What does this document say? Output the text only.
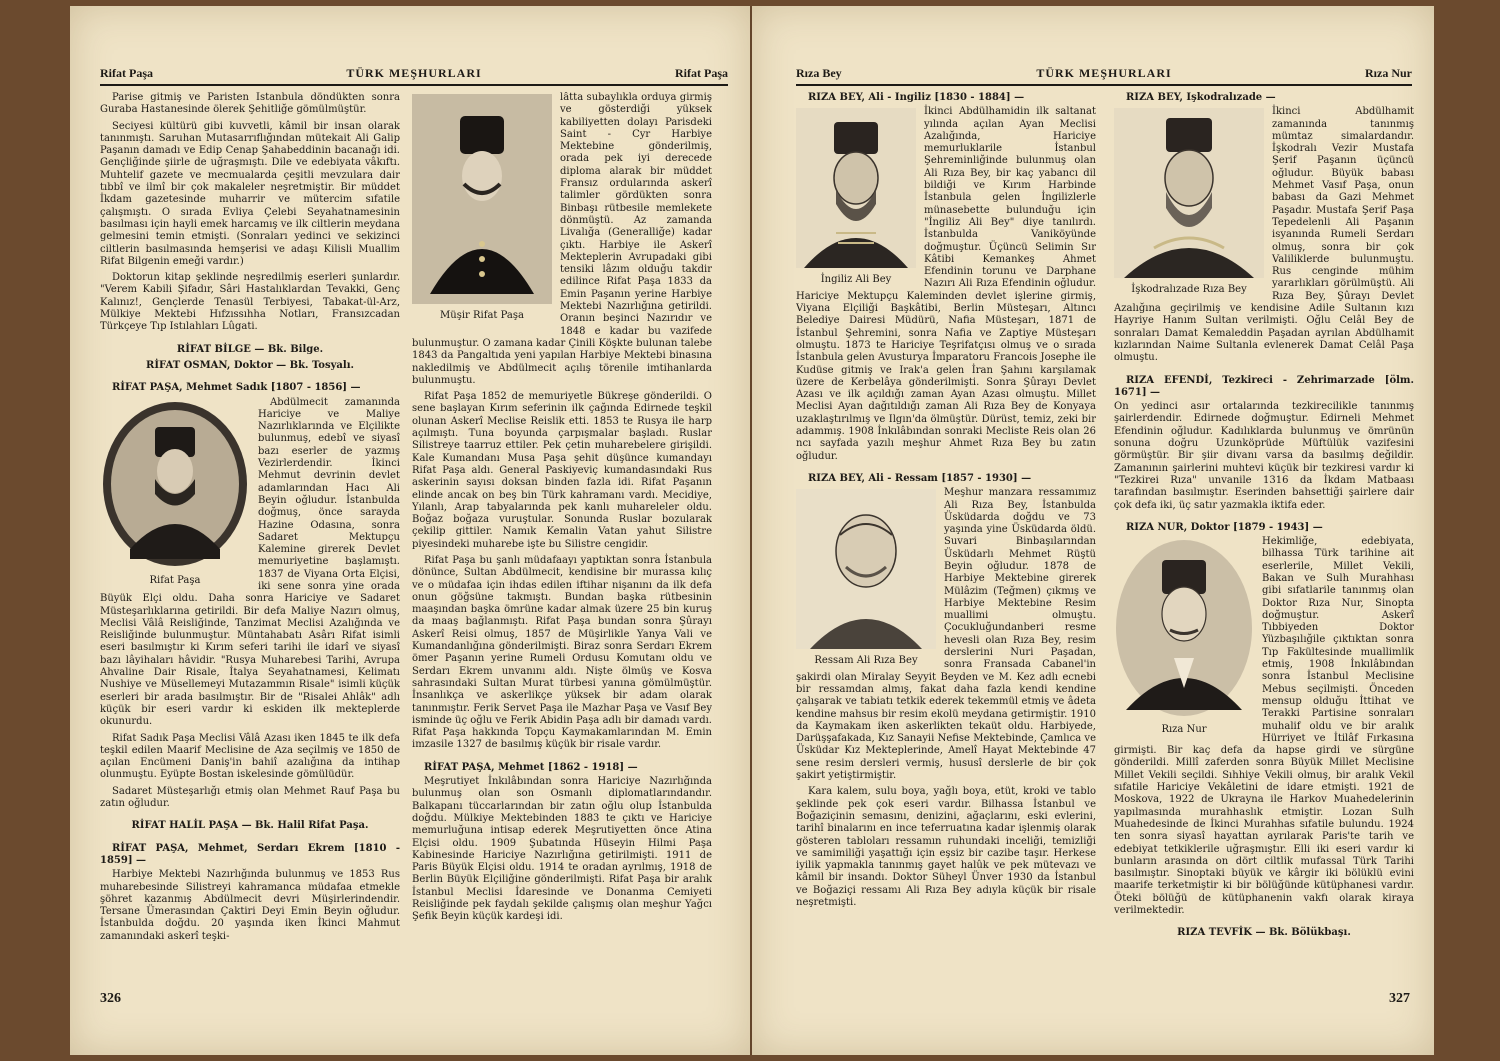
Rifat Paşa	TÜRK MEŞHURLARI	Rifat Paşa

Parise gitmiş ve Paristen İstanbula döndükten sonra Guraba Hastanesinde ölerek Şehitliğe gömülmüştür.

Seciyesi kültürü gibi kuvvetli, kâmil bir insan olarak tanınmıştı. Saruhan Mutasarrıflığından mütekait Ali Galip Paşanın damadı ve Edip Cenap Şahabeddinin bacanağı idi. Gençliğinde şiirle de uğraşmıştı. Dile ve edebiyata vâkıftı. Muhtelif gazete ve mecmualarda çeşitli mevzulara dair tıbbî ve ilmî bir çok makaleler neşretmiştir. Bir müddet İkdam gazetesinde muharrir ve mütercim sıfatile çalışmıştı. O sırada Evliya Çelebi Seyahatnamesinin basılması için hayli emek harcamış ve ilk ciltlerin meydana gelmesini temin etmişti. (Sonraları yedinci ve sekizinci ciltlerin basılmasında hemşerisi ve adaşı Kilisli Muallim Rifat Bilgenin emeği vardır.)

Doktorun kitap şeklinde neşredilmiş eserleri şunlardır. "Verem Kabili Şifadır, Sâri Hastalıklardan Tevakki, Genç Kalınız!, Gençlerde Tenasül Terbiyesi, Tabakat-ül-Arz, Mülkiye Mektebi Hıfzıssıhha Notları, Fransızcadan Türkçeye Tıp Istılahları Lûgati.

RİFAT BİLGE — Bk. Bilge.
RİFAT OSMAN, Doktor — Bk. Tosyalı.
RİFAT PAŞA, Mehmet Sadık [1807 - 1856] —
Rifat Paşa

Abdülmecit zamanında Hariciye ve Maliye Nazırlıklarında ve Elçilikte bulunmuş, edebî ve siyasî bazı eserler de yazmış Vezirlerdendir. İkinci Mehmut devrinin devlet adamlarından Hacı Ali Beyin oğludur. İstanbulda doğmuş, önce sarayda Hazine Odasına, sonra Sadaret Mektupçu Kalemine girerek Devlet memuriyetine başlamıştı. 1837 de Viyana Orta Elçisi, iki sene sonra yine orada Büyük Elçi oldu. Daha sonra Hariciye ve Sadaret Müsteşarlıklarına getirildi. Bir defa Maliye Nazırı olmuş, Meclisi Vâlâ Reisliğinde, Tanzimat Meclisi Azalığında ve Reisliğinde bulunmuştur. Müntahabatı Asârı Rifat isimli eseri basılmıştır ki Kırım seferi tarihi ile idarî ve siyasî bazı lâyihaları hâvidir. "Rusya Muharebesi Tarihi, Avrupa Ahvaline Dair Risale, İtalya Seyahatnamesi, Kelimatı Nushiye ve Müsellemeyi Mutazammın Risale" isimli küçük eserleri bir arada basılmıştır. Bir de "Risalei Ahlâk" adlı küçük bir eseri vardır ki eskiden ilk mekteplerde okunurdu.

Rifat Sadık Paşa Meclisi Vâlâ Azası iken 1845 te ilk defa teşkil edilen Maarif Meclisine de Aza seçilmiş ve 1850 de açılan Encümeni Daniş'in bahiî azalığına da intihap olunmuştu. Eyüpte Bostan iskelesinde gömülüdür.

Sadaret Müsteşarlığı etmiş olan Mehmet Rauf Paşa bu zatın oğludur.

RİFAT HALİL PAŞA — Bk. Halil Rifat Paşa.
RİFAT PAŞA, Mehmet, Serdarı Ekrem [1810 - 1859] —

Harbiye Mektebi Nazırlığında bulunmuş ve 1853 Rus muharebesinde Silistreyi kahramanca müdafaa etmekle şöhret kazanmış Abdülmecit devri Müşirlerindendir. Tersane Ümerasından Çaktiri Deyi Emin Beyin oğludur. İstanbulda doğdu. 20 yaşında iken İkinci Mahmut zamanındaki askerî teşki-

Müşir Rifat Paşa

lâtta subaylıkla orduya girmiş ve gösterdiği yüksek kabiliyetten dolayı Parisdeki Saint - Cyr Harbiye Mektebine gönderilmiş, orada pek iyi derecede diploma alarak bir müddet Fransız ordularında askerî talimler gördükten sonra Binbaşı rütbesile memlekete dönmüştü. Az zamanda Livalığa (Generalliğe) kadar çıktı. Harbiye ile Askerî Mekteplerin Avrupadaki gibi tensiki lâzım olduğu takdir edilince Rifat Paşa 1833 da Emin Paşanın yerine Harbiye Mektebi Nazırlığına getirildi. Oranın beşinci Nazırıdır ve 1848 e kadar bu vazifede bulunmuştur. O zamana kadar Çinili Köşkte bulunan talebe 1843 da Pangaltıda yeni yapılan Harbiye Mektebi binasına nakledilmiş ve Abdülmecit açılış törenile imtihanlarda bulunmuştu.

Rifat Paşa 1852 de memuriyetle Bükreşe gönderildi. O sene başlayan Kırım seferinin ilk çağında Edirnede teşkil olunan Askerî Meclise Reislik etti. 1853 te Rusya ile harp açılmıştı. Tuna boyunda çarpışmalar başladı. Ruslar Silistreye taarruz ettiler. Pek çetin muharebelere girişildi. Kale Kumandanı Musa Paşa şehit düşünce kumandayı Rifat Paşa aldı. General Paskiyeviç kumandasındaki Rus askerinin sayısı doksan binden fazla idi. Rifat Paşanın elinde ancak on beş bin Türk kahramanı vardı. Mecidiye, Yılanlı, Arap tabyalarında pek kanlı muhareleler oldu. Boğaz boğaza vuruştular. Sonunda Ruslar bozularak çekilip gittiler. Namık Kemalin Vatan yahut Silistre piyesindeki muharebe işte bu Silistre cengidir.

Rifat Paşa bu şanlı müdafaayı yaptıktan sonra İstanbula dönünce, Sultan Abdülmecit, kendisine bir murassa kılıç ve o müdafaa için ihdas edilen iftihar nişanını da ilk defa onun göğsüne takmıştı. Bundan başka rütbesinin maaşından başka ömrüne kadar almak üzere 25 bin kuruş da maaş bağlanmıştı. Rifat Paşa bundan sonra Şûrayı Askerî Reisi olmuş, 1857 de Müşirlikle Yanya Vali ve Kumandanlığına gönderilmişti. Biraz sonra Serdarı Ekrem ömer Paşanın yerine Rumeli Ordusu Komutanı oldu ve Serdarı Ekrem unvanını aldı. Nişte ölmüş ve Kosva sahrasındaki Sultan Murat türbesi yanına gömülmüştür. İnsanlıkça ve askerlikçe yüksek bir adam olarak tanınmıştır. Ferik Servet Paşa ile Mazhar Paşa ve Vasıf Bey isminde üç oğlu ve Ferik Abidin Paşa adlı bir damadı vardı. Rifat Paşa hakkında Topçu Kaymakamlarından M. Emin imzasile 1327 de basılmış küçük bir risale vardır.

RİFAT PAŞA, Mehmet [1862 - 1918] —

Meşrutiyet İnkılâbından sonra Hariciye Nazırlığında bulunmuş olan son Osmanlı diplomatlarındandır. Balkapanı tüccarlarından bir zatın oğlu olup İstanbulda doğdu. Mülkiye Mektebinden 1883 te çıktı ve Hariciye memurluğuna intisap ederek Meşrutiyetten önce Atina Elçisi oldu. 1909 Şubatında Hüseyin Hilmi Paşa Kabinesinde Hariciye Nazırlığına getirilmişti. 1911 de Paris Büyük Elçisi oldu. 1914 te oradan ayrılmış, 1918 de Berlin Büyük Elçiliğine gönderilmişti. Rifat Paşa bir aralık İstanbul Meclisi İdaresinde ve Donanma Cemiyeti Reisliğinde pek faydalı şekilde çalışmış olan meşhur Yağcı Şefik Beyin küçük kardeşi idi.

326
Rıza Bey	TÜRK MEŞHURLARI	Rıza Nur
RIZA BEY, Ali - İngiliz [1830 - 1884] —
İngiliz Ali Bey

İkinci Abdülhamidin ilk saltanat yılında açılan Ayan Meclisi Azalığında, Hariciye memurluklarile İstanbul Şehreminliğinde bulunmuş olan Ali Rıza Bey, bir kaç yabancı dil bildiği ve Kırım Harbinde İstanbula gelen İngilizlerle münasebette bulunduğu için "İngiliz Ali Bey" diye tanılırdı. İstanbulda Vaniköyünde doğmuştur. Üçüncü Selimin Sır Kâtibi Kemankeş Ahmet Efendinin torunu ve Darphane Nazırı Ali Rıza Efendinin oğludur. Hariciye Mektupçu Kaleminden devlet işlerine girmiş, Viyana Elçiliği Başkâtibi, Berlin Müsteşarı, Altıncı Belediye Dairesi Müdürü, Nafia Müsteşarı, 1871 de İstanbul Şehremini, sonra Nafia ve Zaptiye Müsteşarı olmuştu. 1873 te Hariciye Teşrifatçısı olmuş ve o sırada İstanbula gelen Avusturya İmparatoru Francois Josephe ile Kudüse gitmiş ve Irak'a gelen İran Şahını karşılamak üzere de Kerbelâya gönderilmişti. Sonra Şûrayı Devlet Azası ve ilk açıldığı zaman Ayan Azası olmuştu. Millet Meclisi Ayan dağıtıldığı zaman Ali Rıza Bey de Konyaya uzaklaştırılmış ve Ilgın'da ölmüştür. Dürüst, temiz, zeki bir adammış. 1908 İnkılâbından sonraki Mecliste Reis olan 26 ncı sayfada yazılı meşhur Ahmet Rıza Bey bu zatın oğludur.

RIZA BEY, Ali - Ressam [1857 - 1930] —
Ressam Ali Rıza Bey

Meşhur manzara ressamımız Ali Rıza Bey, İstanbulda Üsküdarda doğdu ve 73 yaşında yine Üsküdarda öldü. Suvari Binbaşılarından Üsküdarlı Mehmet Rüştü Beyin oğludur. 1878 de Harbiye Mektebine girerek Mülâzim (Teğmen) çıkmış ve Harbiye Mektebine Resim muallimi olmuştu. Çocukluğundanberi resme hevesli olan Rıza Bey, resim derslerini Nuri Paşadan, sonra Fransada Cabanel'in şakirdi olan Miralay Seyyit Beyden ve M. Kez adlı ecnebi bir ressamdan almış, fakat daha fazla kendi kendine çalışarak ve tabiatı tetkik ederek tekemmül etmiş ve âdeta kendine mahsus bir resim ekolü meydana getirmiştir. 1910 da Kaymakam iken askerlikten tekaüt oldu. Harbiyede, Darüşşafakada, Kız Sanayii Nefise Mektebinde, Çamlıca ve Üsküdar Kız Mekteplerinde, Amelî Hayat Mektebinde 47 sene resim dersleri vermiş, hususî derslerle de bir çok şakirt yetiştirmiştir.

Kara kalem, sulu boya, yağlı boya, etüt, kroki ve tablo şeklinde pek çok eseri vardır. Bilhassa İstanbul ve Boğaziçinin semasını, denizini, ağaçlarını, eski evlerini, tarihî binalarını en ince teferruatına kadar işlenmiş olarak gösteren tabloları ressamın ruhundaki inceliği, temizliği ve samimiliği yaşattığı için eşsiz bir cazibe taşır. Herkese iyilik yapmakla tanınmış gayet halûk ve pek mütevazı ve kâmil bir insandı. Doktor Süheyl Ünver 1930 da İstanbul ve Boğaziçi ressamı Ali Rıza Bey adıyla küçük bir risale neşretmişti.

RIZA BEY, İşkodralızade —
İşkodralızade Rıza Bey

İkinci Abdülhamit zamanında tanınmış mümtaz simalardandır. İşkodralı Vezir Mustafa Şerif Paşanın üçüncü oğludur. Büyük babası Mehmet Vasıf Paşa, onun babası da Gazi Mehmet Paşadır. Mustafa Şerif Paşa Tepedelenli Ali Paşanın isyanında Rumeli Serdarı olmuş, sonra bir çok Valiliklerde bulunmuştu. Rus cenginde mühim yararlıkları görülmüştü. Ali Rıza Bey, Şûrayı Devlet Azalığına geçirilmiş ve kendisine Adile Sultanın kızı Hayriye Hanım Sultan verilmişti. Oğlu Celâl Bey de sonraları Damat Kemaleddin Paşadan ayrılan Abdülhamit kızlarından Naime Sultanla evlenerek Damat Celâl Paşa olmuştu.

RIZA EFENDİ, Tezkireci - Zehrimarzade [ölm. 1671] —

On yedinci asır ortalarında tezkirecilikle tanınmış şairlerdendir. Edirnede doğmuştur. Edirneli Mehmet Efendinin oğludur. Kadılıklarda bulunmuş ve ömrünün sonuna doğru Uzunköprüde Müftülük vazifesini görmüştür. Bir şiir divanı varsa da basılmış değildir. Zamanının şairlerini muhtevi küçük bir tezkiresi vardır ki "Tezkirei Rıza" unvanile 1316 da İkdam Matbaası tarafından basılmıştır. Eserinden bahsettiği şairlere dair çok defa iki, üç satır yazmakla iktifa eder.

RIZA NUR, Doktor [1879 - 1943] —
Rıza Nur

Hekimliğe, edebiyata, bilhassa Türk tarihine ait eserlerile, Millet Vekili, Bakan ve Sulh Murahhası gibi sıfatlarile tanınmış olan Doktor Rıza Nur, Sinopta doğmuştur. Askerî Tıbbiyeden Doktor Yüzbaşılığile çıktıktan sonra Tıp Fakültesinde muallimlik etmiş, 1908 İnkılâbından sonra İstanbul Meclisine Mebus seçilmişti. Önceden mensup olduğu İttihat ve Terakki Partisine sonraları muhalif oldu ve bir aralık Hürriyet ve İtilâf Fırkasına girmişti. Bir kaç defa da hapse girdi ve sürgüne gönderildi. Millî zaferden sonra Büyük Millet Meclisine Millet Vekili seçildi. Sıhhiye Vekili olmuş, bir aralık Vekil sıfatile Hariciye Vekâletini de idare etmişti. 1921 de Moskova, 1922 de Ukrayna ile Harkov Muahedelerinin yapılmasında murahhaslık etmiştir. Lozan Sulh Muahedesinde de İkinci Murahhas sıfatile bulundu. 1924 ten sonra siyasî hayattan ayrılarak Paris'te tarih ve edebiyat tetkiklerile uğraşmıştır. Elli iki eseri vardır ki bunların arasında on dört ciltlik mufassal Türk Tarihi basılmıştır. Sinoptaki büyük ve kârgir iki bölüklü evini maarife terketmiştir ki bir bölüğünde kütüphanesi vardır. Öteki bölüğü de kütüphanenin vakfı olarak kiraya verilmektedir.

RIZA TEVFİK — Bk. Bölükbaşı.
327
